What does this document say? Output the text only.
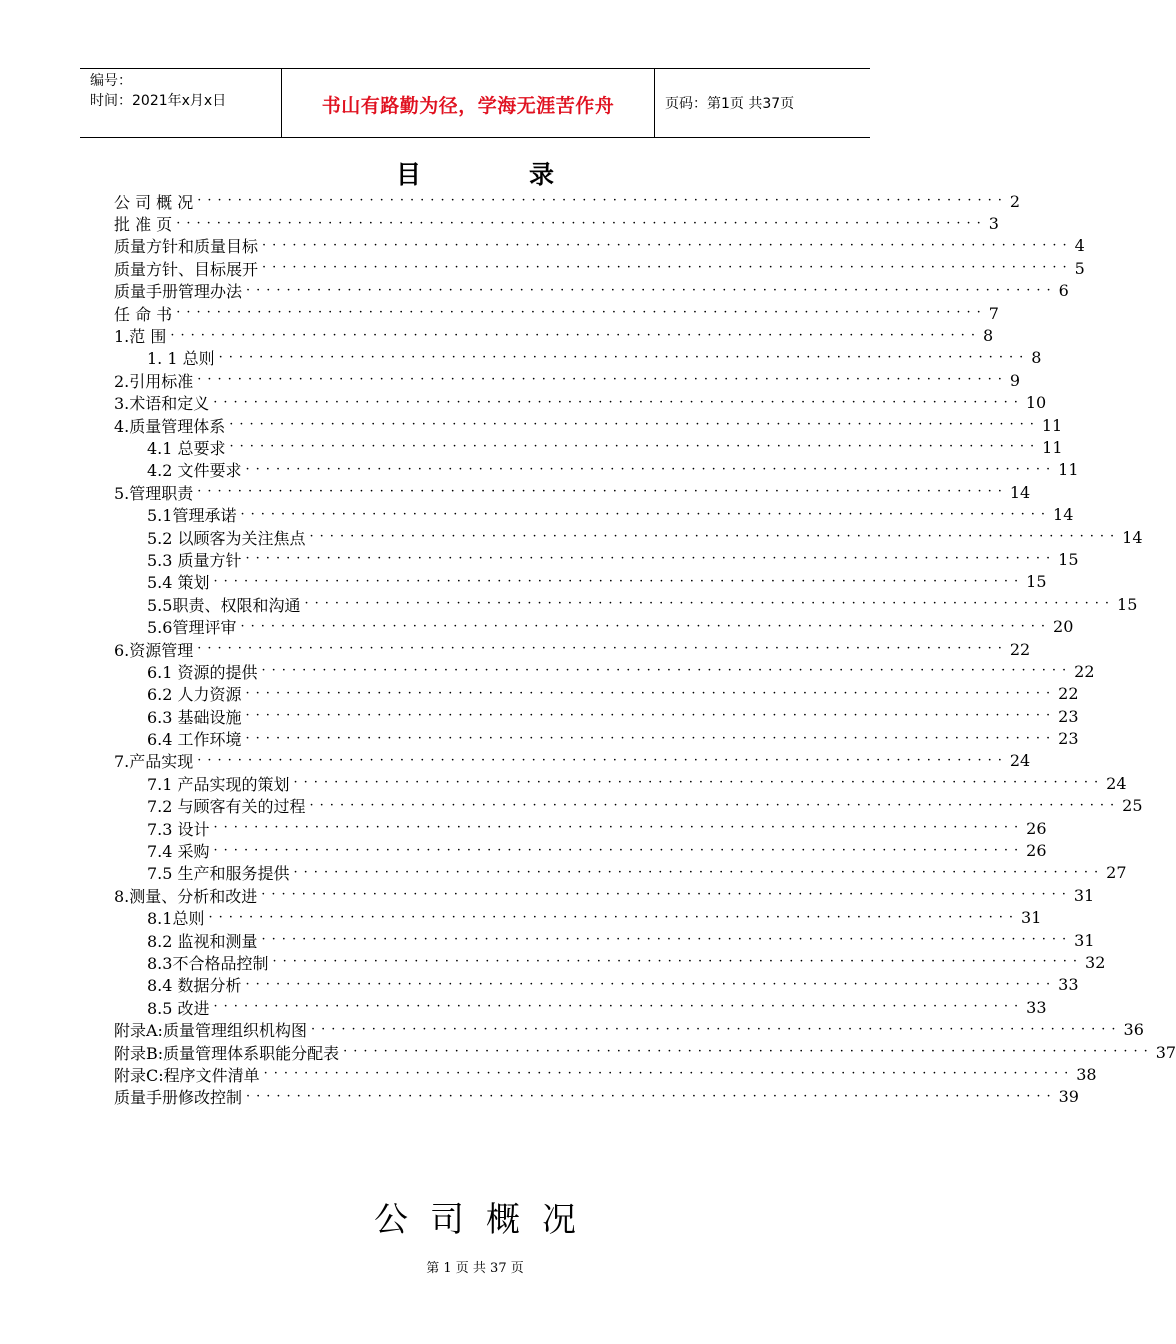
编号：
时间：2021年x月x日	书山有路勤为径，学海无涯苦作舟	页码：第1页 共37页
目录
公 司 概 况 ················································································ 2
批 准 页 ················································································ 3
质量方针和质量目标 ················································································ 4
质量方针、目标展开 ················································································ 5
质量手册管理办法 ················································································ 6
任 命 书 ················································································ 7
1.范 围 ················································································ 8
1. 1 总则 ················································································ 8
2.引用标准 ················································································ 9
3.术语和定义 ················································································ 10
4.质量管理体系 ················································································ 11
4.1 总要求 ················································································ 11
4.2 文件要求 ················································································ 11
5.管理职责 ················································································ 14
5.1管理承诺 ················································································ 14
5.2 以顾客为关注焦点 ················································································ 14
5.3 质量方针 ················································································ 15
5.4 策划 ················································································ 15
5.5职责、权限和沟通 ················································································ 15
5.6管理评审 ················································································ 20
6.资源管理 ················································································ 22
6.1 资源的提供 ················································································ 22
6.2 人力资源 ················································································ 22
6.3 基础设施 ················································································ 23
6.4 工作环境 ················································································ 23
7.产品实现 ················································································ 24
7.1 产品实现的策划 ················································································ 24
7.2 与顾客有关的过程 ················································································ 25
7.3 设计 ················································································ 26
7.4 采购 ················································································ 26
7.5 生产和服务提供 ················································································ 27
8.测量、分析和改进 ················································································ 31
8.1总则 ················································································ 31
8.2 监视和测量 ················································································ 31
8.3不合格品控制 ················································································ 32
8.4 数据分析 ················································································ 33
8.5 改进 ················································································ 33
附录A:质量管理组织机构图 ················································································ 36
附录B:质量管理体系职能分配表 ················································································ 37
附录C:程序文件清单 ················································································ 38
质量手册修改控制 ················································································ 39
公司概况
第 1 页 共 37 页
